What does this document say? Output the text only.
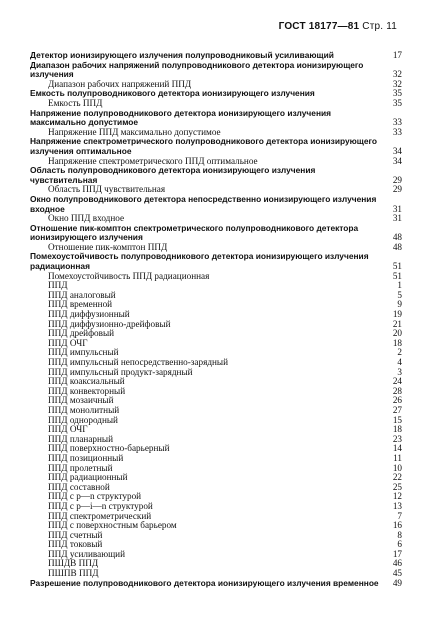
ГОСТ 18177—81 Стр. 11
Детектор ионизирующего излучения полупроводниковый усиливающий	17
Диапазон рабочих напряжений полупроводникового детектора ионизирующего излучения	32
Диапазон рабочих напряжений ППД	32
Емкость полупроводникового детектора ионизирующего излучения	35
Емкость ППД	35
Напряжение полупроводникового детектора ионизирующего излучения максимально допустимое	33
Напряжение ППД максимально допустимое	33
Напряжение спектрометрического полупроводникового детектора ионизирующего излучения оптимальное	34
Напряжение спектрометрического ППД оптимальное	34
Область полупроводникового детектора ионизирующего излучения чувствительная	29
Область ППД чувствительная	29
Окно полупроводникового детектора непосредственно ионизирующего излучения входное	31
Окно ППД входное	31
Отношение пик-комптон спектрометрического полупроводникового детектора ионизирующего излучения	48
Отношение пик-комптон ППД	48
Помехоустойчивость полупроводникового детектора ионизирующего излучения радиационная	51
Помехоустойчивость ППД радиационная	51
ППД	1
ППД аналоговый	5
ППД временной	9
ППД диффузионный	19
ППД диффузионно-дрейфовый	21
ППД дрейфовый	20
ППД ОЧГ	18
ППД импульсный	2
ППД импульсный непосредственно-зарядный	4
ППД импульсный продукт-зарядный	3
ППД коаксиальный	24
ППД конвекторный	28
ППД мозаичный	26
ППД монолитный	27
ППД однородный	15
ППД ОЧГ	18
ППД планарный	23
ППД поверхностно-барьерный	14
ППД позиционный	11
ППД пролетный	10
ППД радиационный	22
ППД составной	25
ППД с p—n структурой	12
ППД с p—i—n структурой	13
ППД спектрометрический	7
ППД с поверхностным барьером	16
ППД счетный	8
ППД токовый	6
ППД усиливающий	17
ПШДВ ППД	46
ПШПВ ППД	45
Разрешение полупроводникового детектора ионизирующего излучения временное	49
